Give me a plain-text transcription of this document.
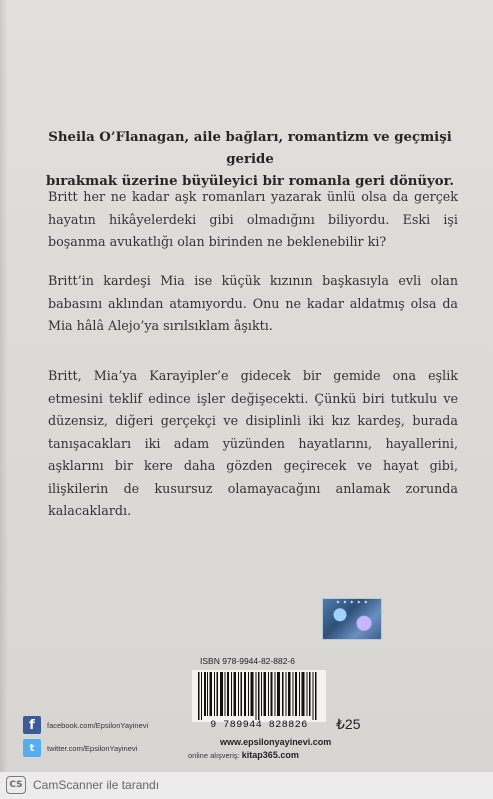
Sheila O’Flanagan, aile bağları, romantizm ve geçmişi geride
bırakmak üzerine büyüleyici bir romanla geri dönüyor.
Britt her ne kadar aşk romanları yazarak ünlü olsa da gerçek hayatın hikâyelerdeki gibi olmadığını biliyordu. Eski işi boşanma avukatlığı olan birinden ne beklenebilir ki?
Britt’in kardeşi Mia ise küçük kızının başkasıyla evli olan babasını aklından atamıyordu. Onu ne kadar aldatmış olsa da Mia hâlâ Alejo’ya sırılsıklam âşıktı.
Britt, Mia’ya Karayipler’e gidecek bir gemide ona eşlik etmesini teklif edince işler değişecekti. Çünkü biri tutkulu ve düzensiz, diğeri gerçekçi ve disiplinli iki kız kardeş, burada tanışacakları iki adam yüzünden hayatlarını, hayallerini, aşklarını bir kere daha gözden geçirecek ve hayat gibi, ilişkilerin de kusursuz olamayacağını anlamak zorunda kalacaklardı.
✦ ✦ ✦ ✦ ✦
ISBN 978-9944-82-882-6
9 789944 828826	₺25
www.epsilonyayinevi.com
online alışveriş: kitap365.com
f	facebook.com/EpsilonYayinevi
t	twitter.com/EpsilonYayinevi
CS CamScanner ile tarandı
